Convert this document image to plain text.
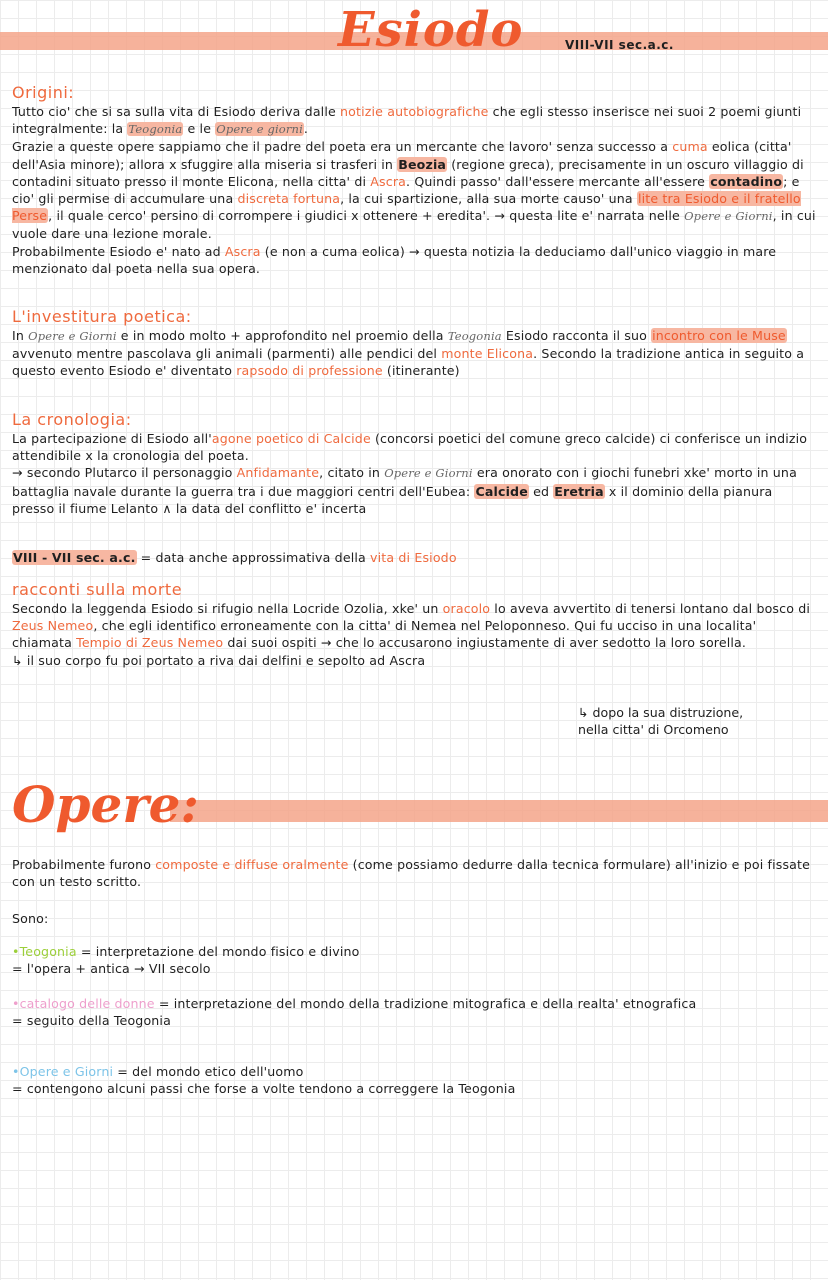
Esiodo	VIII-VII sec.a.c.
Origini:

Tutto cio' che si sa sulla vita di Esiodo deriva dalle notizie autobiografiche che egli stesso inserisce nei suoi 2 poemi giunti integralmente: la Teogonia e le Opere e giorni.
Grazie a queste opere sappiamo che il padre del poeta era un mercante che lavoro' senza successo a cuma eolica (citta' dell'Asia minore); allora x sfuggire alla miseria si trasferi in Beozia (regione greca), precisamente in un oscuro villaggio di contadini situato presso il monte Elicona, nella citta' di Ascra. Quindi passo' dall'essere mercante all'essere contadino; e cio' gli permise di accumulare una discreta fortuna, la cui spartizione, alla sua morte causo' una lite tra Esiodo e il fratello Perse, il quale cerco' persino di corrompere i giudici x ottenere + eredita'. → questa lite e' narrata nelle Opere e Giorni, in cui vuole dare una lezione morale.
Probabilmente Esiodo e' nato ad Ascra (e non a cuma eolica) → questa notizia la deduciamo dall'unico viaggio in mare menzionato dal poeta nella sua opera.

L'investitura poetica:

In Opere e Giorni e in modo molto + approfondito nel proemio della Teogonia Esiodo racconta il suo incontro con le Muse avvenuto mentre pascolava gli animali (parmenti) alle pendici del monte Elicona. Secondo la tradizione antica in seguito a questo evento Esiodo e' diventato rapsodo di professione (itinerante)

La cronologia:

La partecipazione di Esiodo all'agone poetico di Calcide (concorsi poetici del comune greco calcide) ci conferisce un indizio attendibile x la cronologia del poeta.
→ secondo Plutarco il personaggio Anfidamante, citato in Opere e Giorni era onorato con i giochi funebri xke' morto in una battaglia navale durante la guerra tra i due maggiori centri dell'Eubea: Calcide ed Eretria x il dominio della pianura presso il fiume Lelanto ∧ la data del conflitto e' incerta

VIII - VII sec. a.c. = data anche approssimativa della vita di Esiodo

racconti sulla morte

Secondo la leggenda Esiodo si rifugio nella Locride Ozolia, xke' un oracolo lo aveva avvertito di tenersi lontano dal bosco di Zeus Nemeo, che egli identifico erroneamente con la citta' di Nemea nel Peloponneso. Qui fu ucciso in una localita' chiamata Tempio di Zeus Nemeo dai suoi ospiti → che lo accusarono ingiustamente di aver sedotto la loro sorella.
↳ il suo corpo fu poi portato a riva dai delfini e sepolto ad Ascra

↳ dopo la sua distruzione,
nella citta' di Orcomeno

Opere:

Probabilmente furono composte e diffuse oralmente (come possiamo dedurre dalla tecnica formulare) all'inizio e poi fissate con un testo scritto.

Sono:

•Teogonia = interpretazione del mondo fisico e divino
= l'opera + antica → VII secolo

•catalogo delle donne = interpretazione del mondo della tradizione mitografica e della realta' etnografica
= seguito della Teogonia

•Opere e Giorni = del mondo etico dell'uomo
= contengono alcuni passi che forse a volte tendono a correggere la Teogonia
